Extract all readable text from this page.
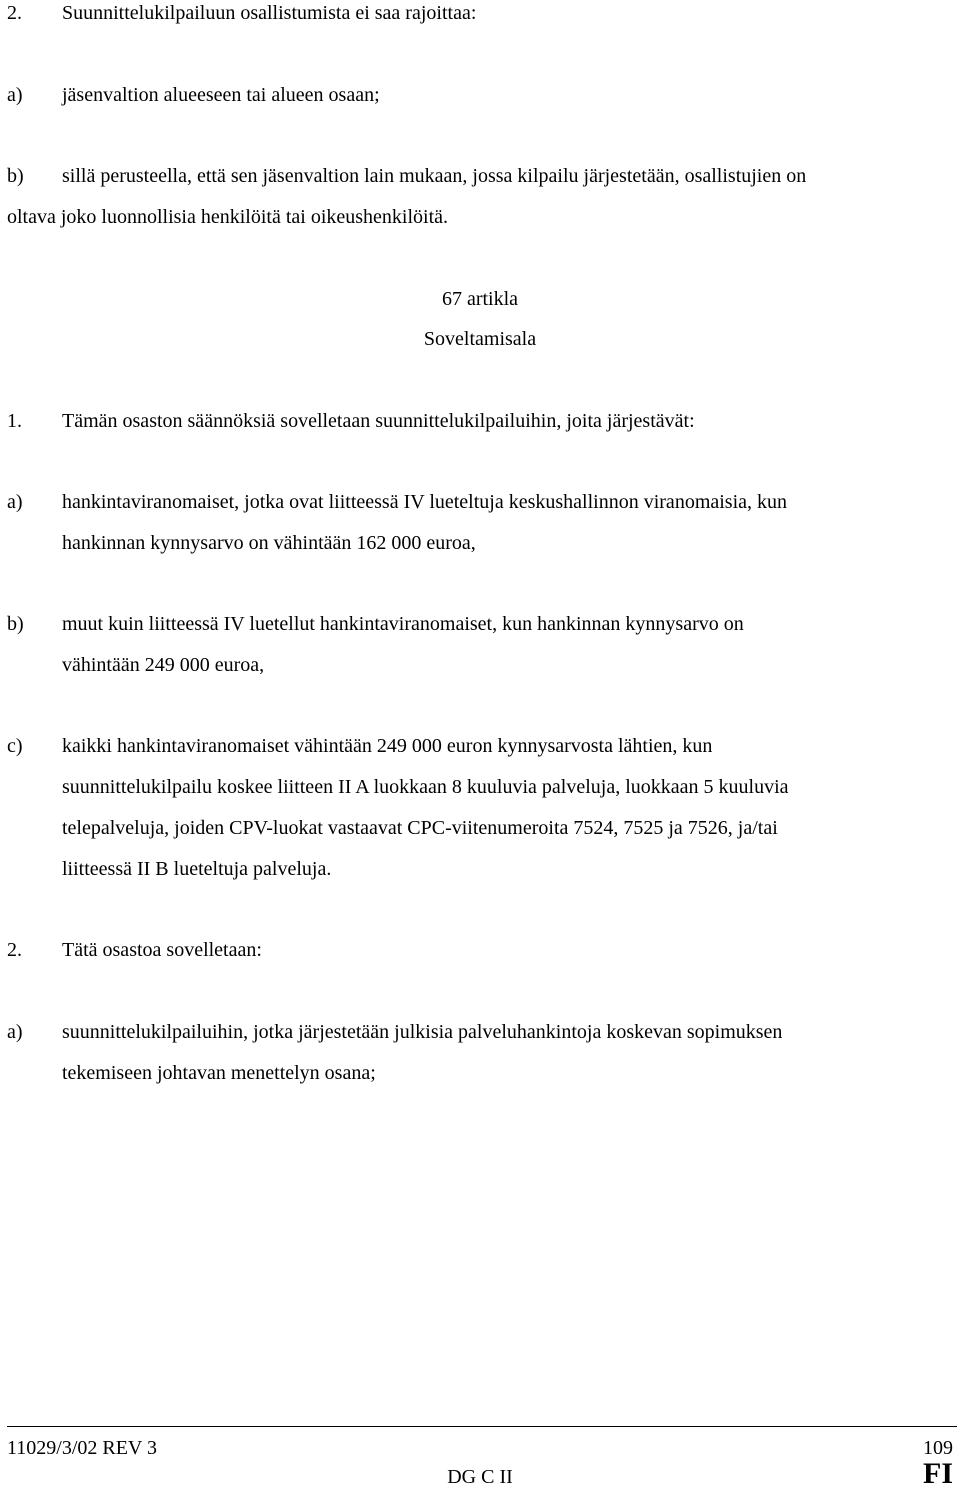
2. Suunnittelukilpailuun osallistumista ei saa rajoittaa:
a) jäsenvaltion alueeseen tai alueen osaan;
b) sillä perusteella, että sen jäsenvaltion lain mukaan, jossa kilpailu järjestetään, osallistujien on
oltava joko luonnollisia henkilöitä tai oikeushenkilöitä.
67 artikla
Soveltamisala
1. Tämän osaston säännöksiä sovelletaan suunnittelukilpailuihin, joita järjestävät:
a) hankintaviranomaiset, jotka ovat liitteessä IV lueteltuja keskushallinnon viranomaisia, kun
hankinnan kynnysarvo on vähintään 162 000 euroa,
b) muut kuin liitteessä IV luetellut hankintaviranomaiset, kun hankinnan kynnysarvo on
vähintään 249 000 euroa,
c) kaikki hankintaviranomaiset vähintään 249 000 euron kynnysarvosta lähtien, kun
suunnittelukilpailu koskee liitteen II A luokkaan 8 kuuluvia palveluja, luokkaan 5 kuuluvia
telepalveluja, joiden CPV-luokat vastaavat CPC-viitenumeroita 7524, 7525 ja 7526, ja/tai
liitteessä II B lueteltuja palveluja.
2. Tätä osastoa sovelletaan:
a) suunnittelukilpailuihin, jotka järjestetään julkisia palveluhankintoja koskevan sopimuksen
tekemiseen johtavan menettelyn osana;
11029/3/02 REV 3	109
DG C II	FI
